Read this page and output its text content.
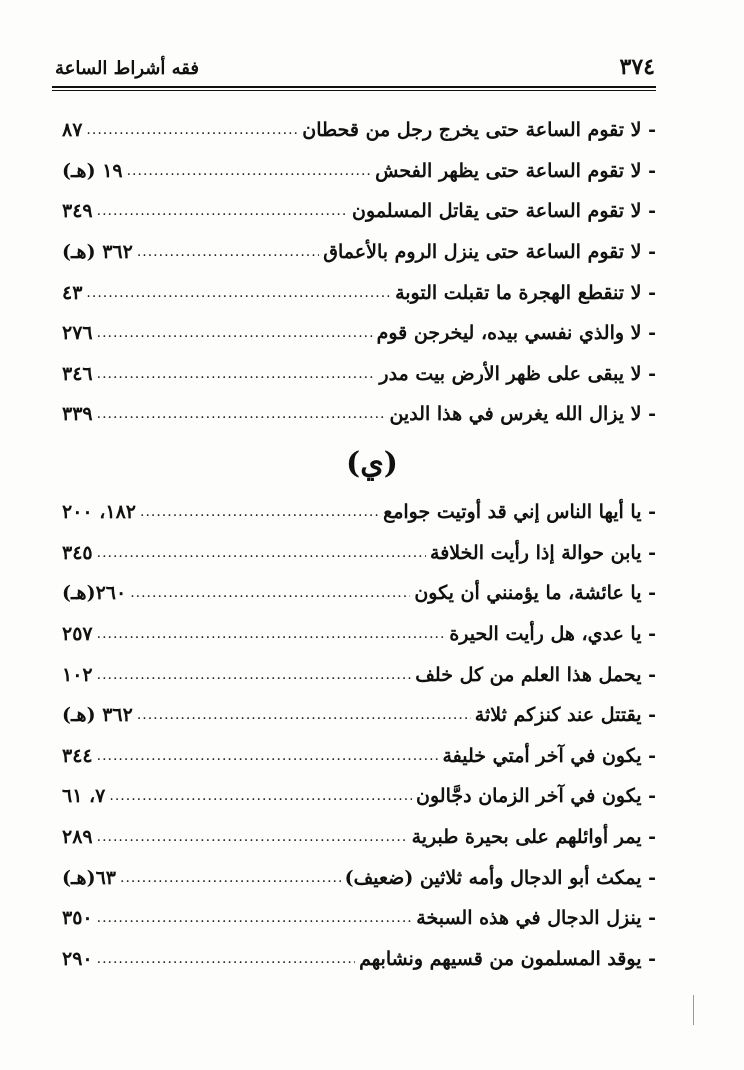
٣٧٤
فقه أشراط الساعة
- لا تقوم الساعة حتى يخرج رجل من قحطان
.....
٨٧
- لا تقوم الساعة حتى يظهر الفحش
.....
١٩ (هـ)
- لا تقوم الساعة حتى يقاتل المسلمون
.....
٣٤٩
- لا تقوم الساعة حتى ينزل الروم بالأعماق
.....
٣٦٢ (هـ)
- لا تنقطع الهجرة ما تقبلت التوبة
.....
٤٣
- لا والذي نفسي بيده، ليخرجن قوم
.....
٢٧٦
- لا يبقى على ظهر الأرض بيت مدر
.....
٣٤٦
- لا يزال الله يغرس في هذا الدين
.....
٣٣٩
(ي)
- يا أيها الناس إني قد أوتيت جوامع
.....
١٨٢، ٢٠٠
- يابن حوالة إذا رأيت الخلافة
.....
٣٤٥
- يا عائشة، ما يؤمنني أن يكون
.....
٢٦٠(هـ)
- يا عدي، هل رأيت الحيرة
.....
٢٥٧
- يحمل هذا العلم من كل خلف
.....
١٠٢
- يقتتل عند كنزكم ثلاثة
.....
٣٦٢ (هـ)
- يكون في آخر أمتي خليفة
.....
٣٤٤
- يكون في آخر الزمان دجَّالون
.....
٧، ٦١
- يمر أوائلهم على بحيرة طبرية
.....
٢٨٩
- يمكث أبو الدجال وأمه ثلاثين (ضعيف)
.....
٦٣(هـ)
- ينزل الدجال في هذه السبخة
.....
٣٥٠
- يوقد المسلمون من قسيهم ونشابهم
.....
٢٩٠
